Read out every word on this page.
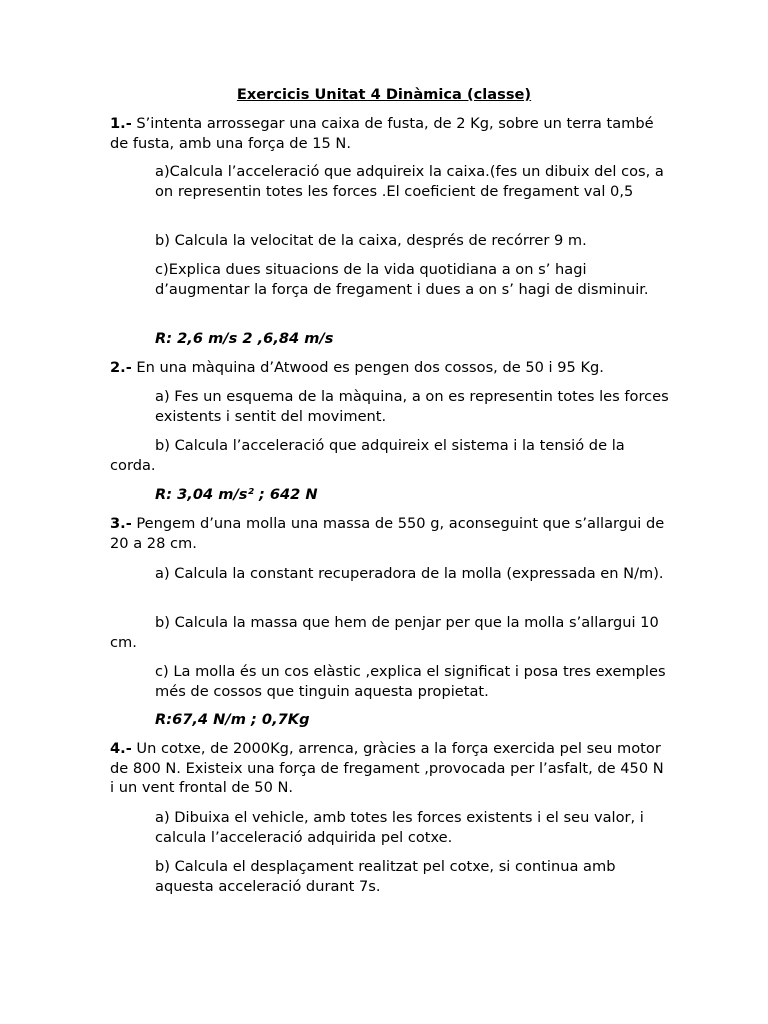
Exercicis Unitat 4 Dinàmica (classe)

1.- S’intenta arrossegar una caixa de fusta, de 2 Kg, sobre un terra també de fusta, amb una força de 15 N.

a)Calcula l’acceleració que adquireix la caixa.(fes un dibuix del cos, a on representin totes les forces .El coeficient de fregament val 0,5

b) Calcula la velocitat de la caixa, després de recórrer 9 m.

c)Explica dues situacions de la vida quotidiana a on s’ hagi d’augmentar la força de fregament i dues a on s’ hagi de disminuir.

R: 2,6 m/s 2 ,6,84 m/s

2.- En una màquina d’Atwood es pengen dos cossos, de 50 i 95 Kg.

a) Fes un esquema de la màquina, a on es representin totes les forces existents i sentit del moviment.

b) Calcula l’acceleració que adquireix el sistema i la tensió de la corda.

R: 3,04 m/s² ; 642 N

3.- Pengem d’una molla una massa de 550 g, aconseguint que s’allargui de 20 a 28 cm.

a) Calcula la constant recuperadora de la molla (expressada en N/m).

b) Calcula la massa que hem de penjar per que la molla s’allargui 10 cm.

c) La molla és un cos elàstic ,explica el significat i posa tres exemples més de cossos que tinguin aquesta propietat.

R:67,4 N/m ; 0,7Kg

4.- Un cotxe, de 2000Kg, arrenca, gràcies a la força exercida pel seu motor de 800 N. Existeix una força de fregament ,provocada per l’asfalt, de 450 N i un vent frontal de 50 N.

a) Dibuixa el vehicle, amb totes les forces existents i el seu valor, i calcula l’acceleració adquirida pel cotxe.

b) Calcula el desplaçament realitzat pel cotxe, si continua amb aquesta acceleració durant 7s.
